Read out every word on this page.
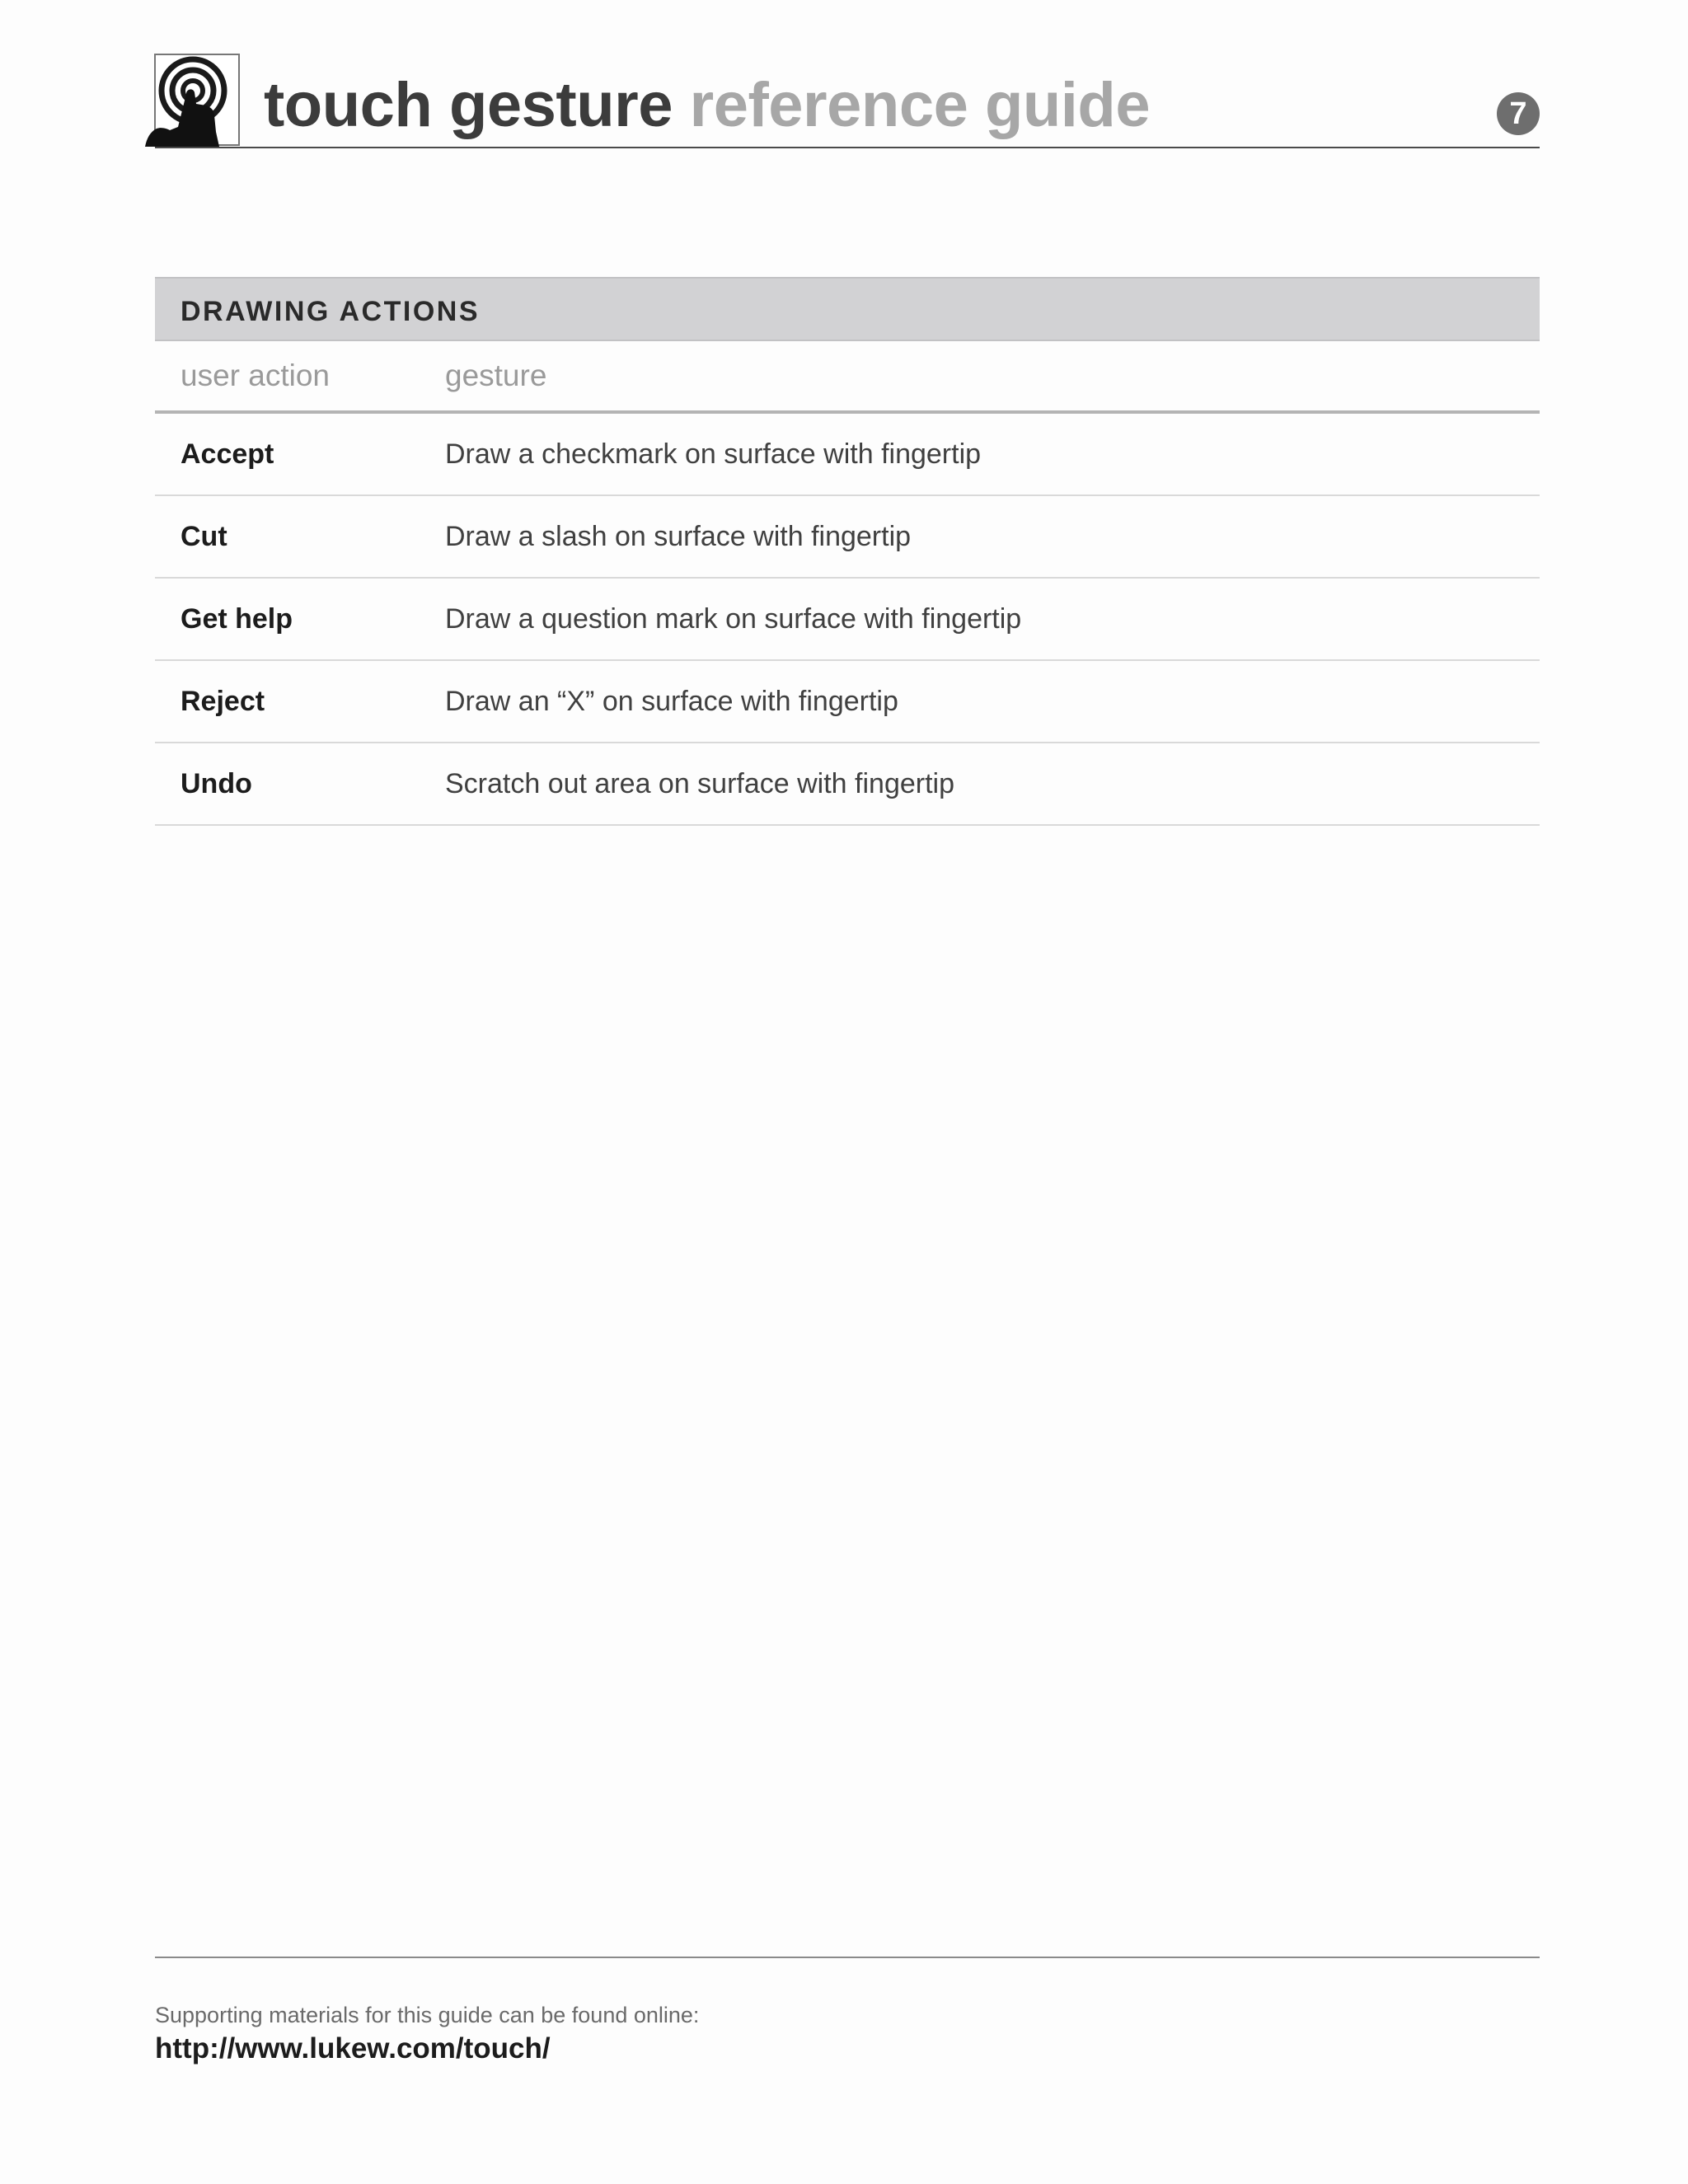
touch gesture reference guide	7
DRAWING ACTIONS
user action	gesture
Accept	Draw a checkmark on surface with fingertip
Cut	Draw a slash on surface with fingertip
Get help	Draw a question mark on surface with fingertip
Reject	Draw an “X” on surface with fingertip
Undo	Scratch out area on surface with fingertip
Supporting materials for this guide can be found online:
http://www.lukew.com/touch/
